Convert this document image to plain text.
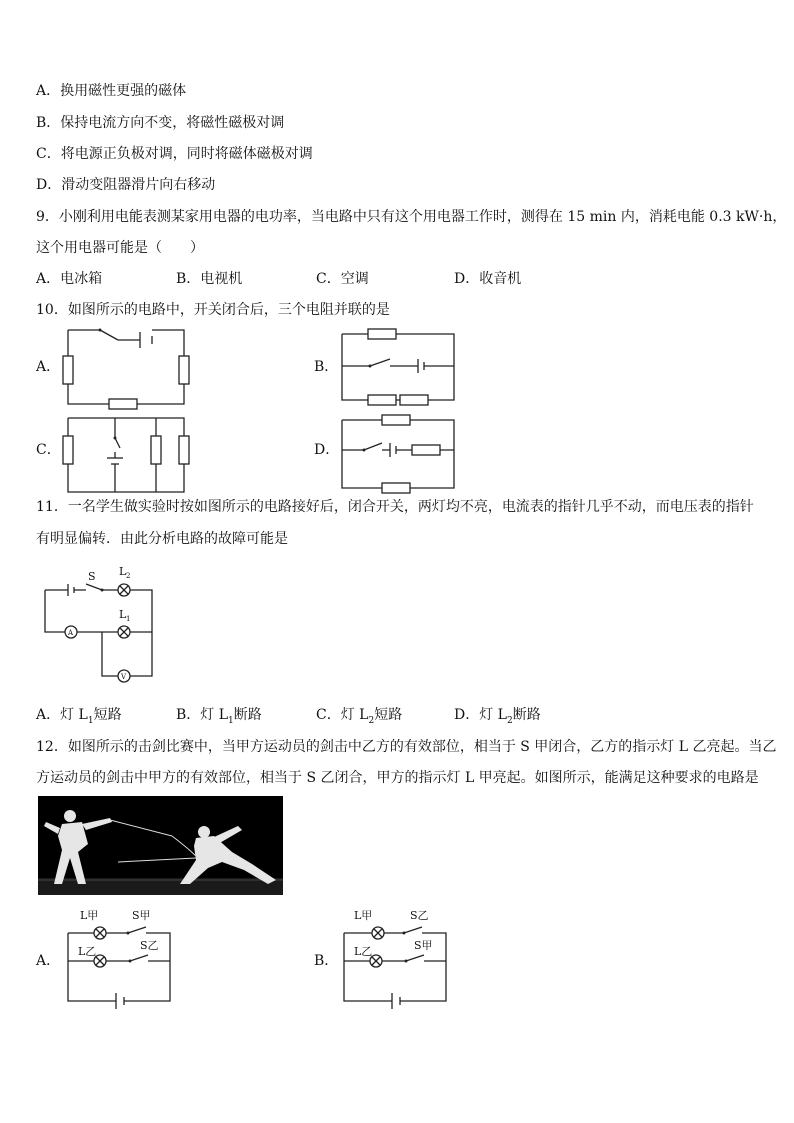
A．换用磁性更强的磁体
B．保持电流方向不变，将磁性磁极对调
C．将电源正负极对调，同时将磁体磁极对调
D．滑动变阻器滑片向右移动
9．小刚利用电能表测某家用电器的电功率，当电路中只有这个用电器工作时，测得在 15 min 内，消耗电能 0.3 kW·h，
这个用电器可能是（　　）
A．电冰箱	B．电视机	C．空调	D．收音机
10．如图所示的电路中，开关闭合后，三个电阻并联的是
A．	B．
C．	D．
11．一名学生做实验时按如图所示的电路接好后，闭合开关，两灯均不亮，电流表的指针几乎不动，而电压表的指针
有明显偏转．由此分析电路的故障可能是
S L 2
L 1
A
V
A．灯 $L_1$短路	B．灯 $L_1$断路	C．灯 $L_2$短路	D．灯 $L_2$断路
12．如图所示的击剑比赛中，当甲方运动员的剑击中乙方的有效部位，相当于 S 甲闭合，乙方的指示灯 L 乙亮起。当乙
方运动员的剑击中甲方的有效部位，相当于 S 乙闭合，甲方的指示灯 L 甲亮起。如图所示，能满足这种要求的电路是
A．	B．
L甲	S甲
L乙	S乙
L甲	S乙
L乙	S甲
